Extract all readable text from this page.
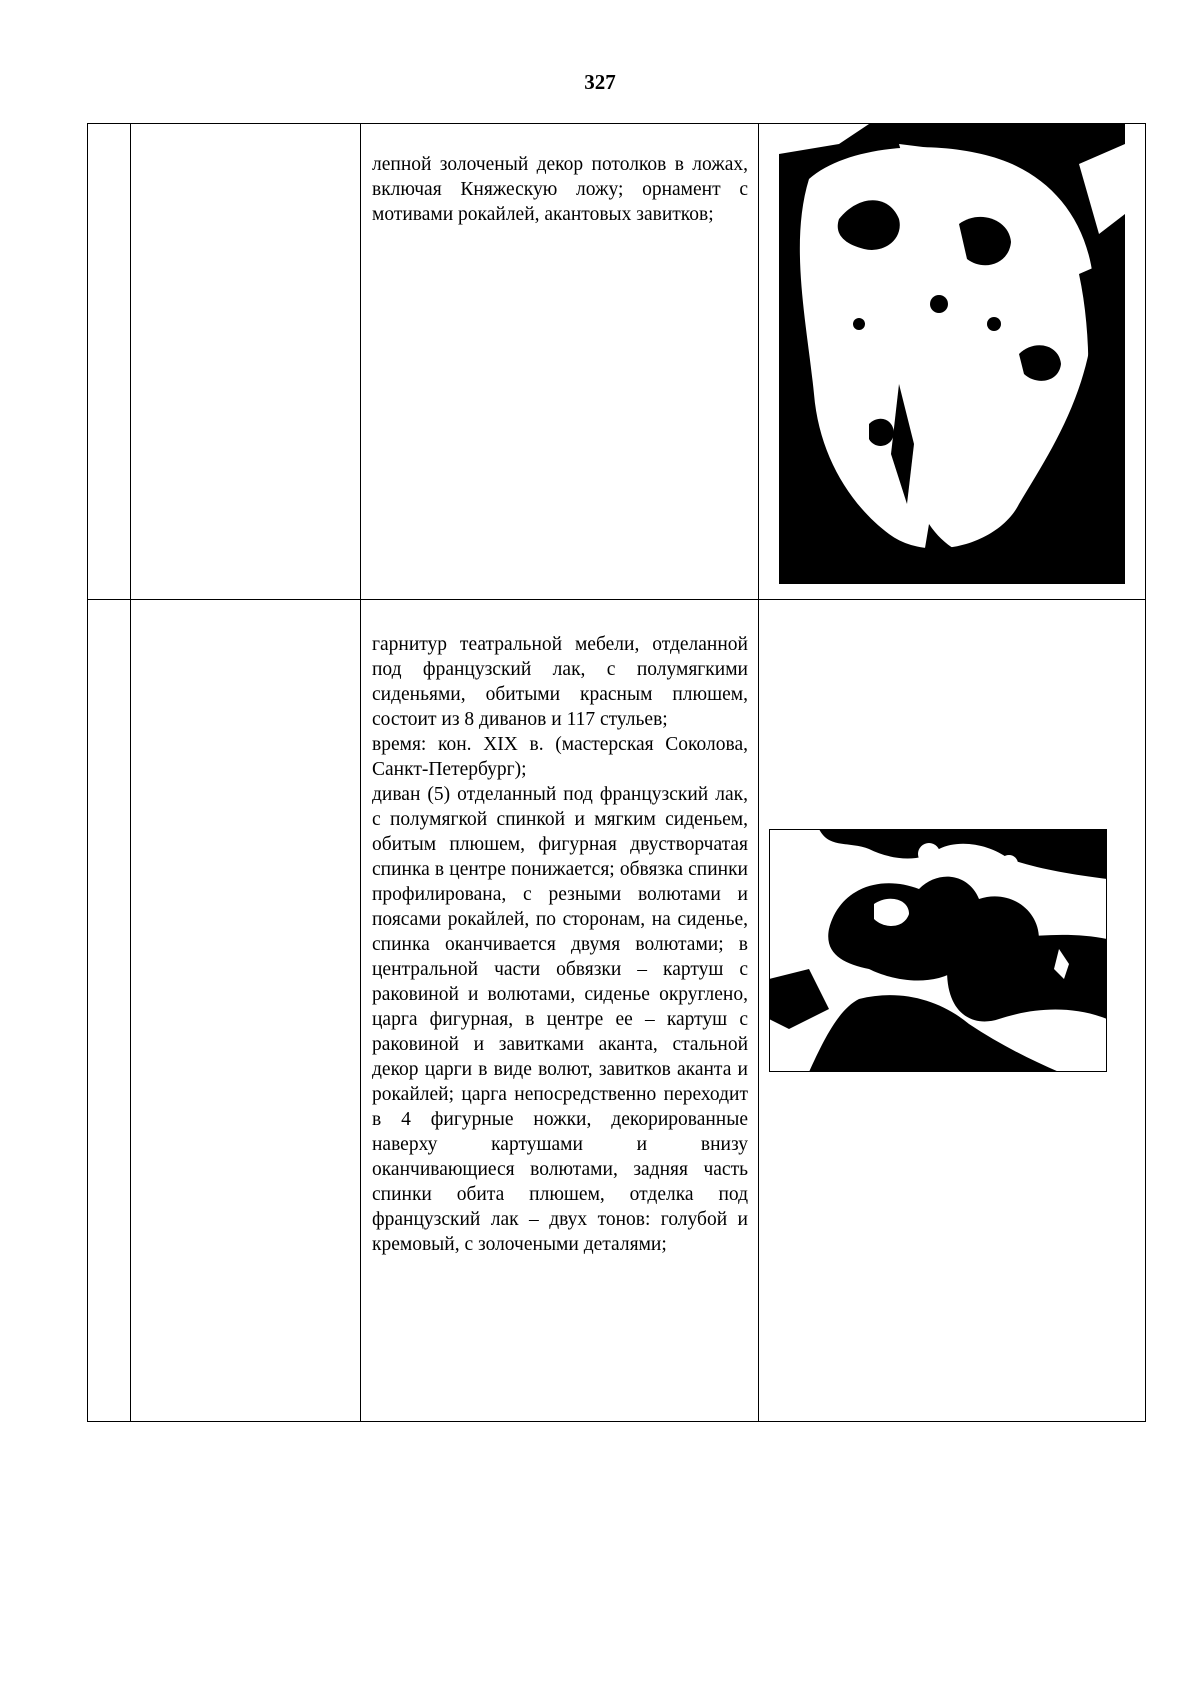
327

		лепной золоченый декор потолков в ложах, включая Княжескую ложу; орнамент с мотивами рокайлей, акантовых завитков;

		гарнитур театральной мебели, отделанной под французский лак, с полумягкими сиденьями, обитыми красным плюшем, состоит из 8 диванов и 117 стульев;

время: кон. XIX в. (мастерская Соколова, Санкт-Петербург);

диван (5) отделанный под французский лак, с полумягкой спинкой и мягким сиденьем, обитым плюшем, фигурная двустворчатая спинка в центре понижается; обвязка спинки профилирована, с резными волютами и поясами рокайлей, по сторонам, на сиденье, спинка оканчивается двумя волютами; в центральной части обвязки – картуш с раковиной и волютами, сиденье округлено, царга фигурная, в центре ее – картуш с раковиной и завитками аканта, стальной декор царги в виде волют, завитков аканта и рокайлей; царга непосредственно переходит в 4 фигурные ножки, декорированные наверху картушами и внизу оканчивающиеся волютами, задняя часть спинки обита плюшем, отделка под французский лак – двух тонов: голубой и кремовый, с золочеными деталями;
